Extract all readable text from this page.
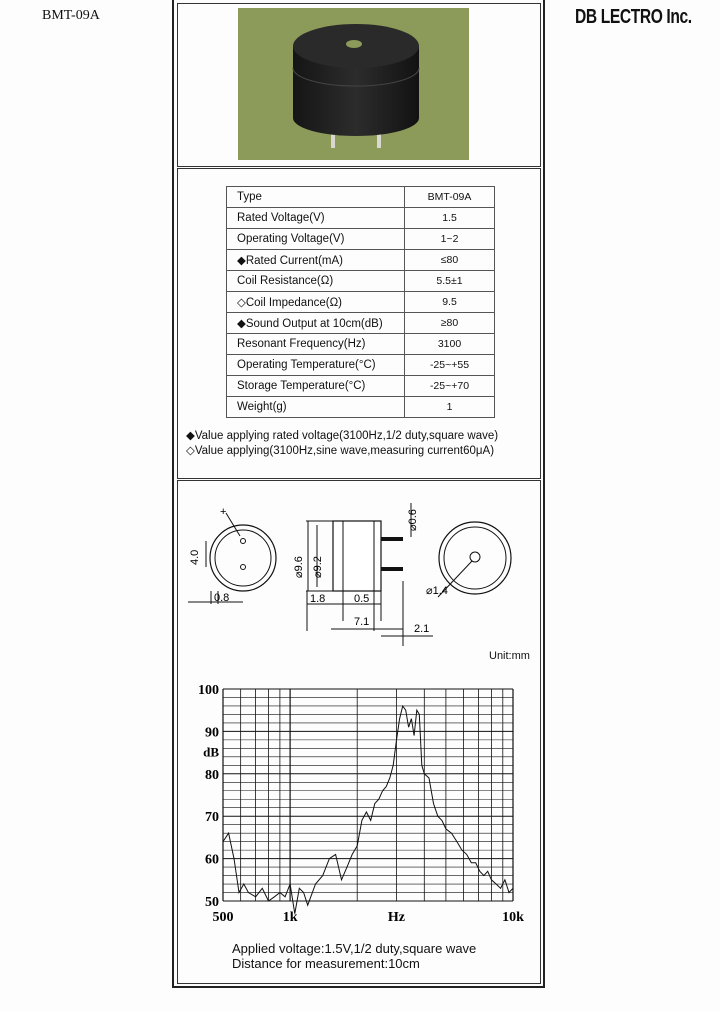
BMT-09A	DB LECTRO Inc.
Type	BMT-09A
Rated Voltage(V)	1.5
Operating Voltage(V)	1~2
◆Rated Current(mA)	≤80
Coil Resistance(Ω)	5.5±1
◇Coil Impedance(Ω)	9.5
◆Sound Output at 10cm(dB)	≥80
Resonant Frequency(Hz)	3100
Operating Temperature(°C)	-25~+55
Storage Temperature(°C)	-25~+70
Weight(g)	1
◆Value applying rated voltage(3100Hz,1/2 duty,square wave)
◇Value applying(3100Hz,sine wave,measuring current60μA)
+
4.0
0.8
⌀9.6 ⌀9.2
⌀0.6
1.8	0.5
7.1
2.1
⌀1.4
Unit:mm
100
90
80
70
60
50
500	1k	Hz	10k
dB
Applied voltage:1.5V,1/2 duty,square wave
Distance for measurement:10cm
